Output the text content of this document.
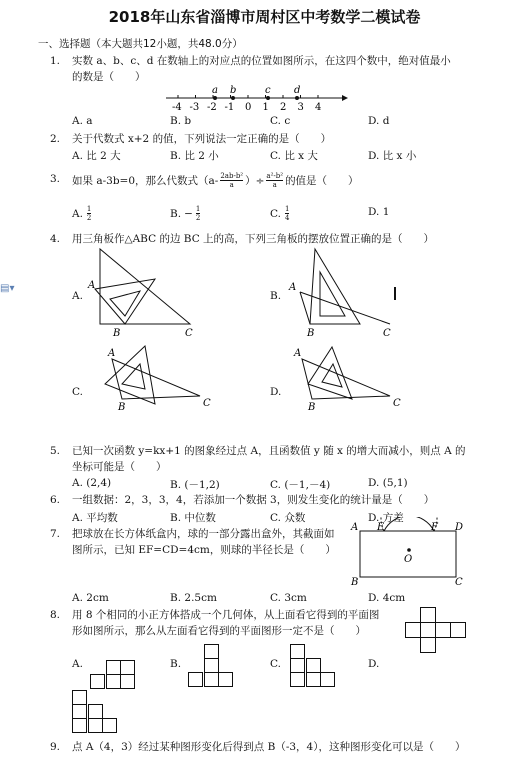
▤▾
2018年山东省淄博市周村区中考数学二模试卷
一、选择题（本大题共12小题，共48.0分）
1. 实数 a、b、c、d 在数轴上的对应点的位置如图所示，在这四个数中，绝对值最小
的数是（　　）
-4 -3 -2 -1 0 1 2 3 4
a b	c d
A. a	B. b	C. c	D. d
2. 关于代数式 x+2 的值，下列说法一定正确的是（　　）
A. 比 2 大	B. 比 2 小	C. 比 x 大	D. 比 x 小
3. 如果 a-3b=0，那么代数式（a- 2ab-b²
a ）÷ $\frac{\text{a²-b²}}{a}$ 的值是（　　）
A. 1
2	B. − $\frac{1}{2}$	C. 1
4	D. 1
4. 用三角板作△ABC 的边 BC 上的高，下列三角板的摆放位置正确的是（　　）
A.	B.
C.	D.
A
B	C
A
B	C
A
B	C
A
B	C
5. 已知一次函数 y=kx+1 的图象经过点 A，且函数值 y 随 x 的增大而减小，则点 A 的
坐标可能是（　　）
A. (2,4)	B. (－1,2)	C. (－1,－4)	D. (5,1)
6. 一组数据：2，3，3，4，若添加一个数据 3，则发生变化的统计量是（　　）
A. 平均数	B. 中位数	C. 众数	D. 方差
7. 把球放在长方体纸盒内，球的一部分露出盒外，其截面如
图所示，已知 EF=CD=4cm，则球的半径长是（　　）
A E	F D
B	C
O
A. 2cm	B. 2.5cm	C. 3cm	D. 4cm
8. 用 8 个相同的小正方体搭成一个几何体，从上面看它得到的平面图
形如图所示，那么从左面看它得到的平面图形一定不是（　　）
A.	B.	C.	D.
9. 点 A（4，3）经过某种图形变化后得到点 B（-3，4），这种图形变化可以是（　　）
